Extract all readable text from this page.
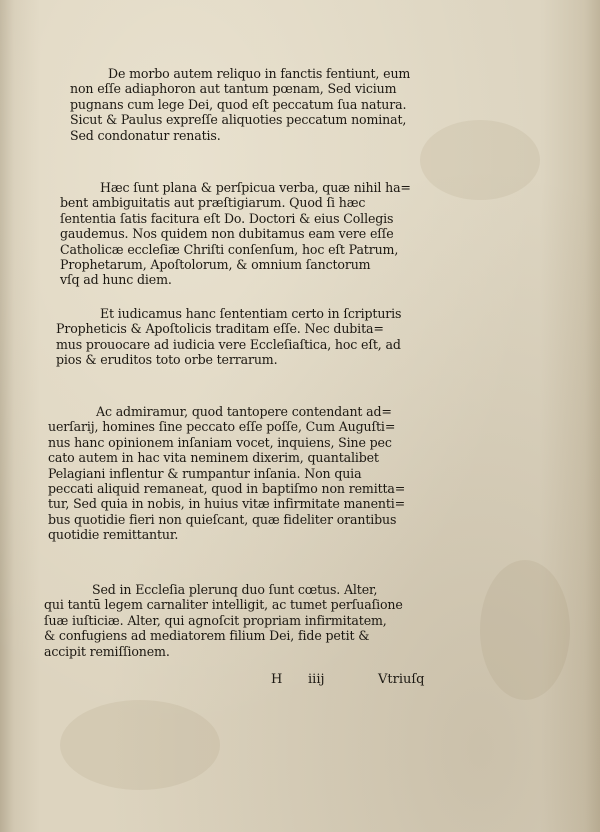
De morbo autem reliquo in fanctis fentiunt, eum
non eſſe adiaphoron aut tantum pœnam, Sed vicium
pugnans cum lege Dei, quod eſt peccatum ſua natura.
Sicut & Paulus expreſſe aliquoties peccatum nominat,
Sed condonatur renatis.
Hæc ſunt plana & perſpicua verba, quæ nihil ha=
bent ambiguitatis aut præſtigiarum. Quod ſi hæc
ſententia ſatis facitura eſt Do. Doctori & eius Collegis
gaudemus. Nos quidem non dubitamus eam vere eſſe
Catholicæ eccleſiæ Chriſti conſenſum, hoc eſt Patrum,
Prophetarum, Apoſtolorum, & omnium ſanctorum
vſq ad hunc diem.
Et iudicamus hanc ſententiam certo in ſcripturis
Propheticis & Apoſtolicis traditam eſſe. Nec dubita=
mus prouocare ad iudicia vere Eccleſiaſtica, hoc eſt, ad
pios & eruditos toto orbe terrarum.
Ac admiramur, quod tantopere contendant ad=
uerſarij, homines ſine peccato eſſe poſſe, Cum Auguſti=
nus hanc opinionem inſaniam vocet, inquiens, Sine pec
cato autem in hac vita neminem dixerim, quantalibet
Pelagiani inflentur & rumpantur inſania. Non quia
peccati aliquid remaneat, quod in baptiſmo non remitta=
tur, Sed quia in nobis, in huius vitæ infirmitate manenti=
bus quotidie fieri non quieſcant, quæ fideliter orantibus
quotidie remittantur.
Sed in Eccleſia plerunq duo ſunt cœtus. Alter,
qui tantū legem carnaliter intelligit, ac tumet perſuaſione
ſuæ iuſticiæ. Alter, qui agnoſcit propriam infirmitatem,
& confugiens ad mediatorem filium Dei, fide petit &
accipit remiſſionem.
H iiij	Vtriuſq
